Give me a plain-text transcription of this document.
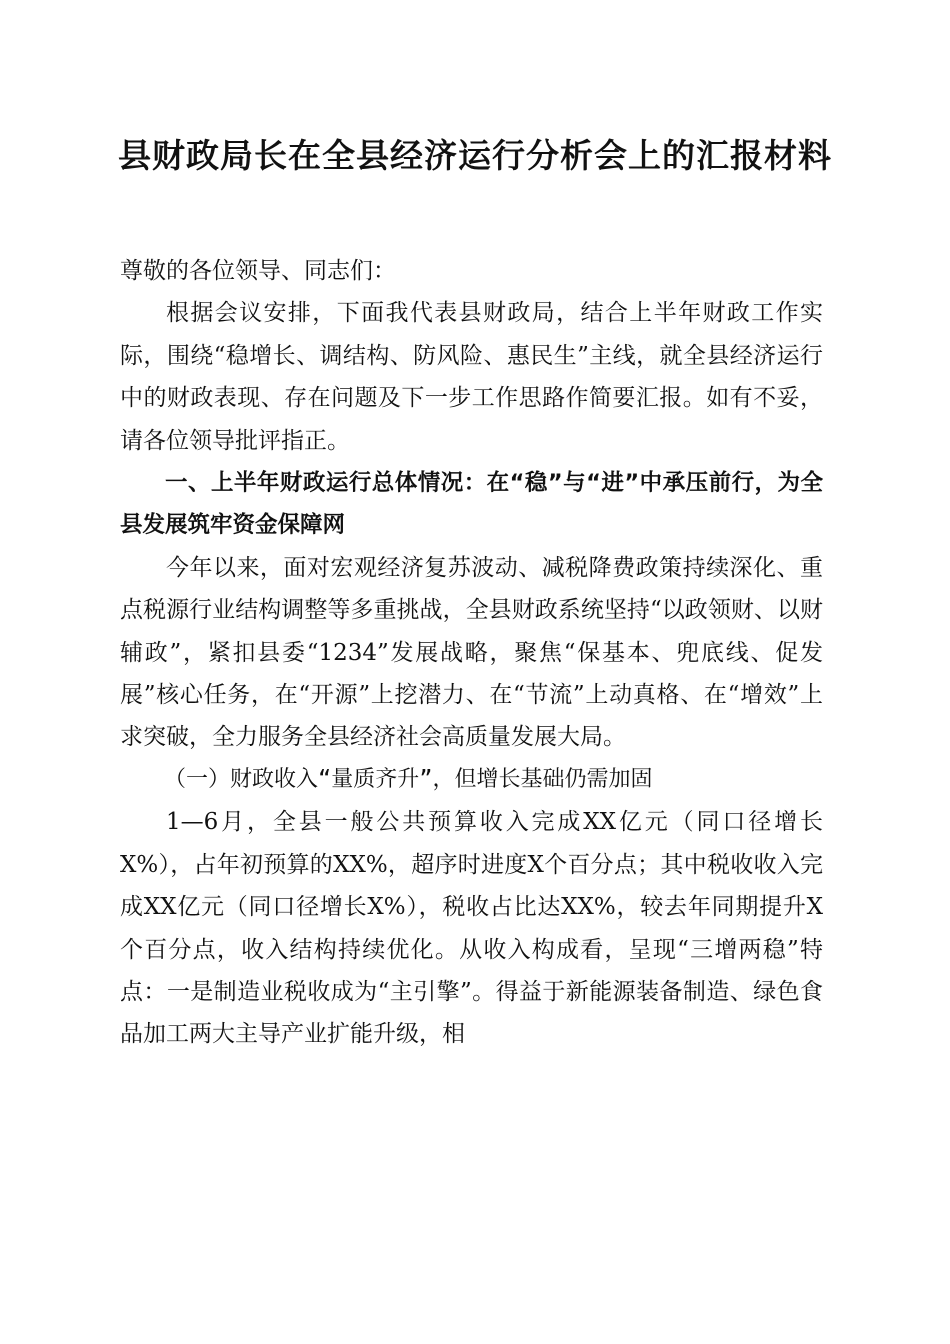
县财政局长在全县经济运行分析会上的汇报材料

尊敬的各位领导、同志们：

根据会议安排，下面我代表县财政局，结合上半年财政工作实际，围绕“稳增长、调结构、防风险、惠民生”主线，就全县经济运行中的财政表现、存在问题及下一步工作思路作简要汇报。如有不妥，请各位领导批评指正。

一、上半年财政运行总体情况：在“稳”与“进”中承压前行，为全县发展筑牢资金保障网

今年以来，面对宏观经济复苏波动、减税降费政策持续深化、重点税源行业结构调整等多重挑战，全县财政系统坚持“以政领财、以财辅政”，紧扣县委“1234”发展战略，聚焦“保基本、兜底线、促发展”核心任务，在“开源”上挖潜力、在“节流”上动真格、在“增效”上求突破，全力服务全县经济社会高质量发展大局。

（一）财政收入“量质齐升”，但增长基础仍需加固

1—6月，全县一般公共预算收入完成XX亿元（同口径增长X%），占年初预算的XX%，超序时进度X个百分点；其中税收收入完成XX亿元（同口径增长X%），税收占比达XX%，较去年同期提升X个百分点，收入结构持续优化。从收入构成看，呈现“三增两稳”特点：一是制造业税收成为“主引擎”。得益于新能源装备制造、绿色食品加工两大主导产业扩能升级，相
